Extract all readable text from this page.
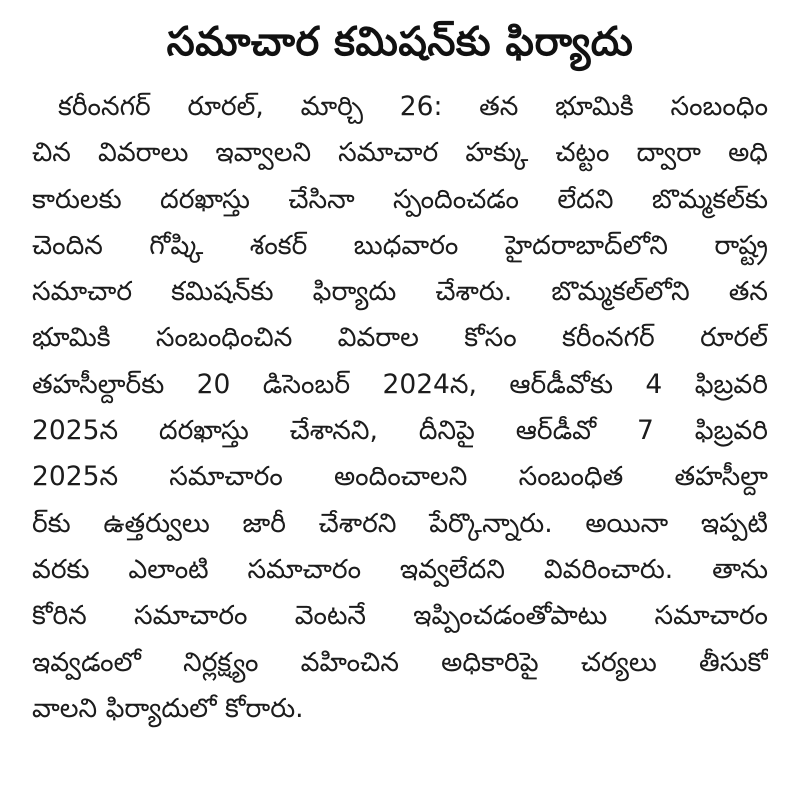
సమాచార కమిషన్‌కు ఫిర్యాదు
కరీంనగర్ రూరల్, మార్చి 26: తన భూమికి సంబంధిం
చిన వివరాలు ఇవ్వాలని సమాచార హక్కు చట్టం ద్వారా అధి
కారులకు దరఖాస్తు చేసినా స్పందించడం లేదని బొమ్మకల్‌కు
చెందిన గోష్కి శంకర్ బుధవారం హైదరాబాద్‌లోని రాష్ట్ర
సమాచార కమిషన్‌కు ఫిర్యాదు చేశారు. బొమ్మకల్‌లోని తన
భూమికి సంబంధించిన వివరాల కోసం కరీంనగర్ రూరల్
తహసీల్దార్‌కు 20 డిసెంబర్ 2024న, ఆర్‌డీవోకు 4 ఫిబ్రవరి
2025న దరఖాస్తు చేశానని, దీనిపై ఆర్‌డీవో 7 ఫిబ్రవరి
2025న సమాచారం అందించాలని సంబంధిత తహసీల్దా
ర్‌కు ఉత్తర్వులు జారీ చేశారని పేర్కొన్నారు. అయినా ఇప్పటి
వరకు ఎలాంటి సమాచారం ఇవ్వలేదని వివరించారు. తాను
కోరిన సమాచారం వెంటనే ఇప్పించడంతోపాటు సమాచారం
ఇవ్వడంలో నిర్లక్ష్యం వహించిన అధికారిపై చర్యలు తీసుకో
వాలని ఫిర్యాదులో కోరారు.
